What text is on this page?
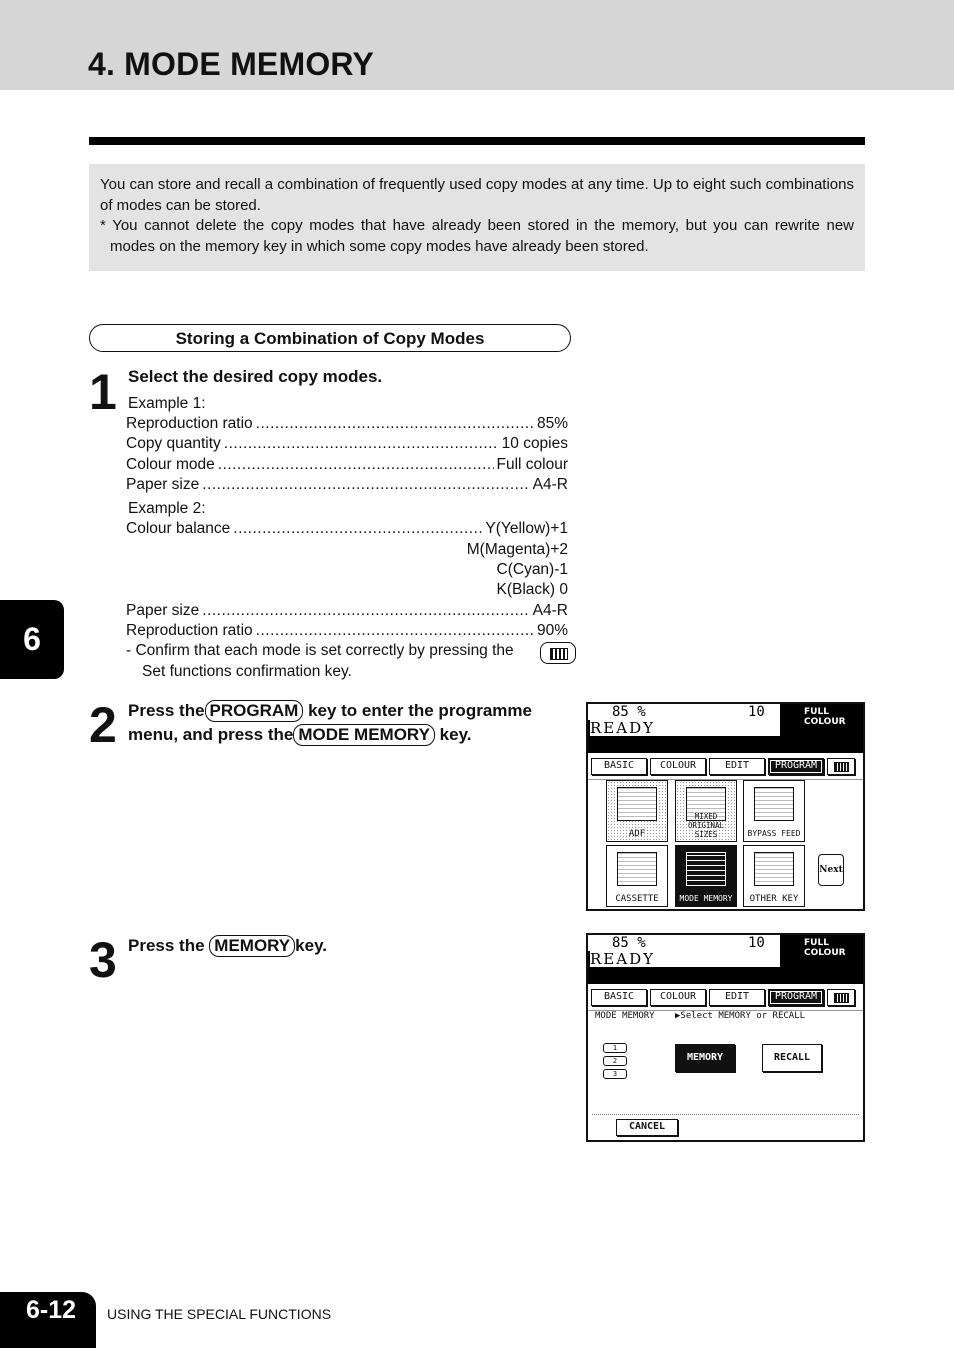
4. MODE MEMORY

You can store and recall a combination of frequently used copy modes at any time. Up to eight such combinations of modes can be stored.

* You cannot delete the copy modes that have already been stored in the memory, but you can rewrite new modes on the memory key in which some copy modes have already been stored.

Storing a Combination of Copy Modes
1 Select the desired copy modes.
Example 1:
Reproduction ratio .....	85%
Copy quantity .....	10 copies
Colour mode .....	Full colour
Paper size .....	A4-R
Example 2:
Colour balance .....	Y(Yellow)+1
M(Magenta)+2
C(Cyan)-1
K(Black) 0
Paper size .....	A4-R
Reproduction ratio .....	90%
- Confirm that each mode is set correctly by pressing the
Set functions confirmation key.
2 Press the PROGRAM key to enter the programme
menu, and press the MODE MEMORY key.
85 %	10	FULL COLOUR
READY
BASIC	COLOUR	EDIT	PROGRAM
ADF
MIXED ORIGINAL SIZES	BYPASS FEED
CASSETTE	MODE MEMORY	OTHER KEY
Next
3 Press the MEMORY key.	85 %	10	FULL COLOUR
READY
BASIC	COLOUR	EDIT	PROGRAM
MODE MEMORY ▶Select MEMORY or RECALL
1
2
3
MEMORY	RECALL
CANCEL
6
6-12	USING THE SPECIAL FUNCTIONS
